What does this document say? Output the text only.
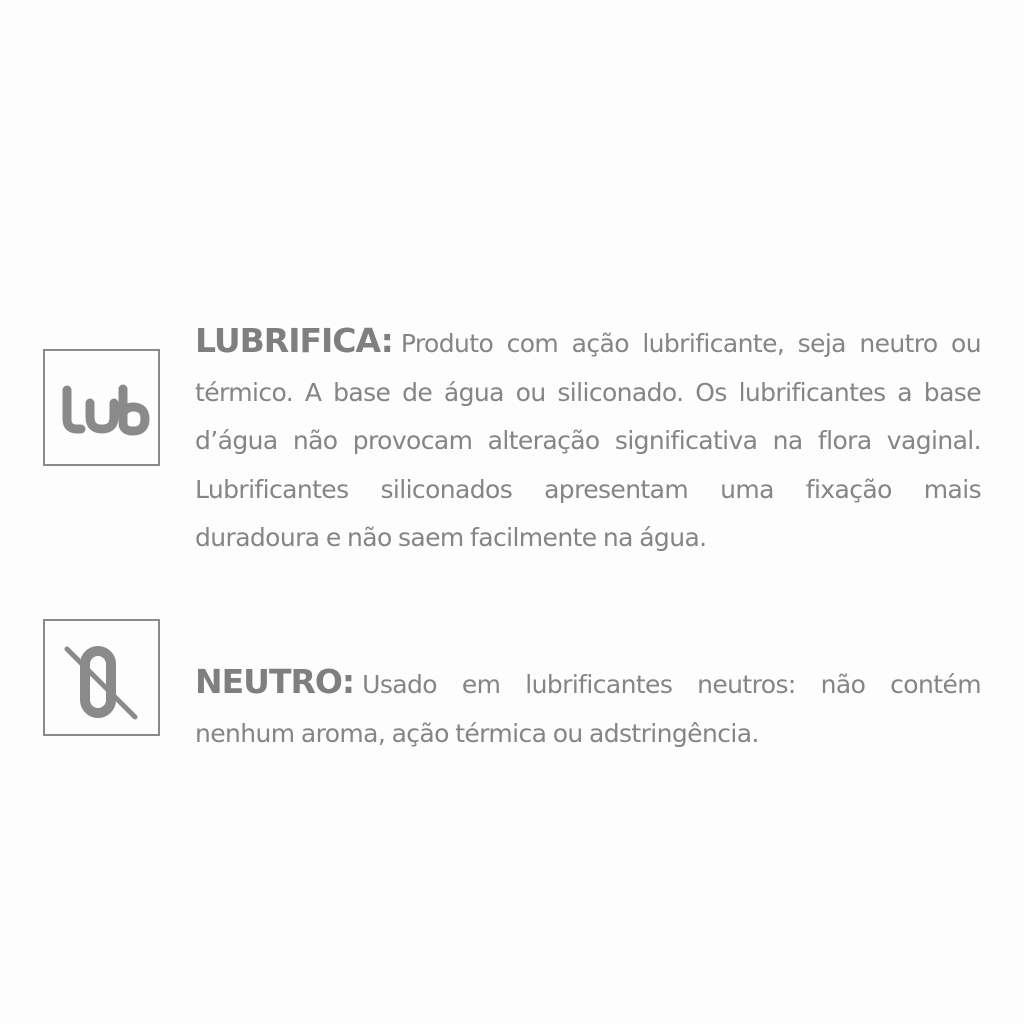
LUBRIFICA: Produto com ação lubrificante, seja neutro ou térmico. A base de água ou siliconado. Os lubrificantes a base d’água não provocam alteração significativa na flora vaginal. Lubrificantes siliconados apresentam uma fixação mais duradoura e não saem facilmente na água.

NEUTRO: Usado em lubrificantes neutros: não contém nenhum aroma, ação térmica ou adstringência.
